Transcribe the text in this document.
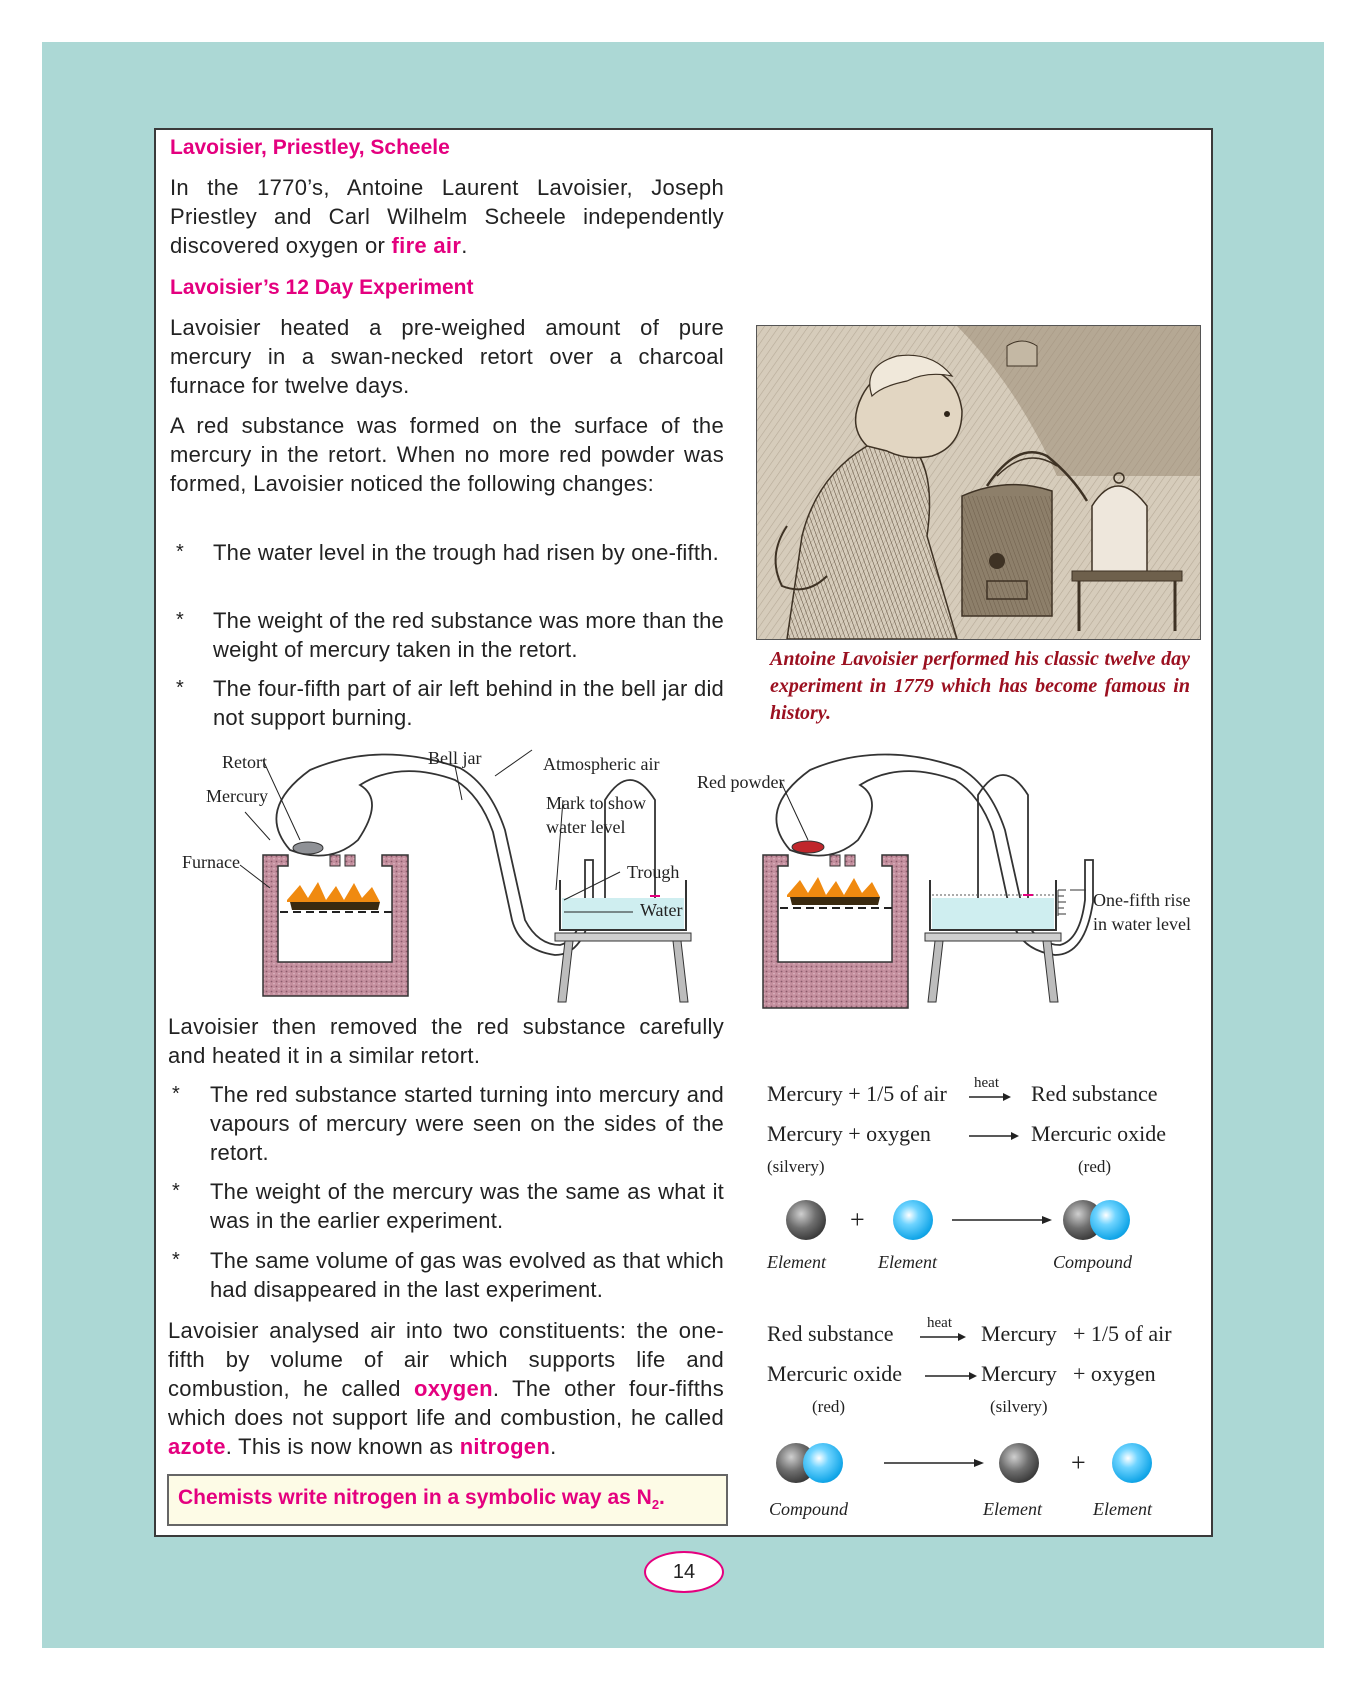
Lavoisier, Priestley, Scheele
In the 1770’s, Antoine Laurent Lavoisier, Joseph Priestley and Carl Wilhelm Scheele independently discovered oxygen or fire air.
Lavoisier’s 12 Day Experiment
Lavoisier heated a pre-weighed amount of pure mercury in a swan-necked retort over a charcoal furnace for twelve days.
A red substance was formed on the surface of the mercury in the retort. When no more red powder was formed, Lavoisier noticed the following changes:
* The water level in the trough had risen by one-fifth.
* The weight of the red substance was more than the weight of mercury taken in the retort.
* The four-fifth part of air left behind in the bell jar did not support burning.
Antoine Lavoisier performed his classic twelve day experiment in 1779 which has become famous in history.
Retort
Mercury
Furnace
Bell jar	Atmospheric air
Mark to show
water level
Trough
Water
Red powder
One-fifth rise
in water level
Lavoisier then removed the red substance carefully and heated it in a similar retort.
* The red substance started turning into mercury and vapours of mercury were seen on the sides of the retort.
* The weight of the mercury was the same as what it was in the earlier experiment.
* The same volume of gas was evolved as that which had disappeared in the last experiment.
Lavoisier analysed air into two constituents: the one-fifth by volume of air which supports life and combustion, he called oxygen. The other four-fifths which does not support life and combustion, he called azote. This is now known as nitrogen.
Chemists write nitrogen in a symbolic way as $N_2$.
Mercury + 1/5 of air heat Red substance
Mercury + oxygen	Mercuric oxide
(silvery)	(red)
+
Element	Element	Compound
Red substance heat Mercury + 1/5 of air
Mercuric oxide	Mercury + oxygen
(red)	(silvery)
+
Compound	Element	Element
14
